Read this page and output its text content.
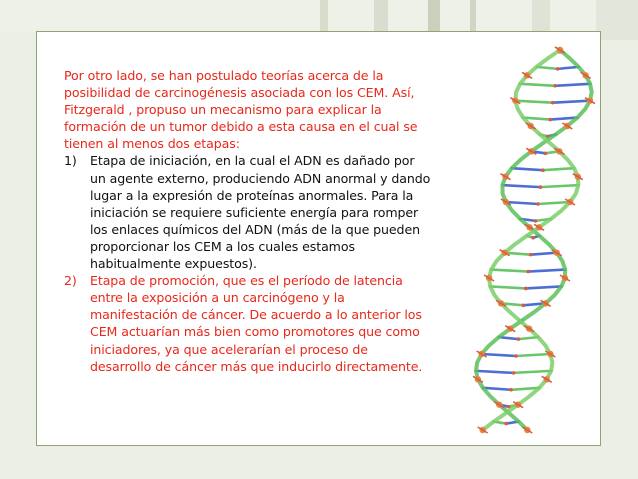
Por otro lado, se han postulado teorías acerca de la posibilidad de carcinogénesis asociada con los CEM. Así, Fitzgerald , propuso un mecanismo para explicar la formación de un tumor debido a esta causa en el cual se tienen al menos dos etapas:

1) Etapa de iniciación, en la cual el ADN es dañado por un agente externo, produciendo ADN anormal y dando lugar a la expresión de proteínas anormales. Para la iniciación se requiere suficiente energía para romper los enlaces químicos del ADN (más de la que pueden proporcionar los CEM a los cuales estamos habitualmente expuestos).
2) Etapa de promoción, que es el período de latencia entre la exposición a un carcinógeno y la manifestación de cáncer. De acuerdo a lo anterior los CEM actuarían más bien como promotores que como iniciadores, ya que acelerarían el proceso de desarrollo de cáncer más que inducirlo directamente.
